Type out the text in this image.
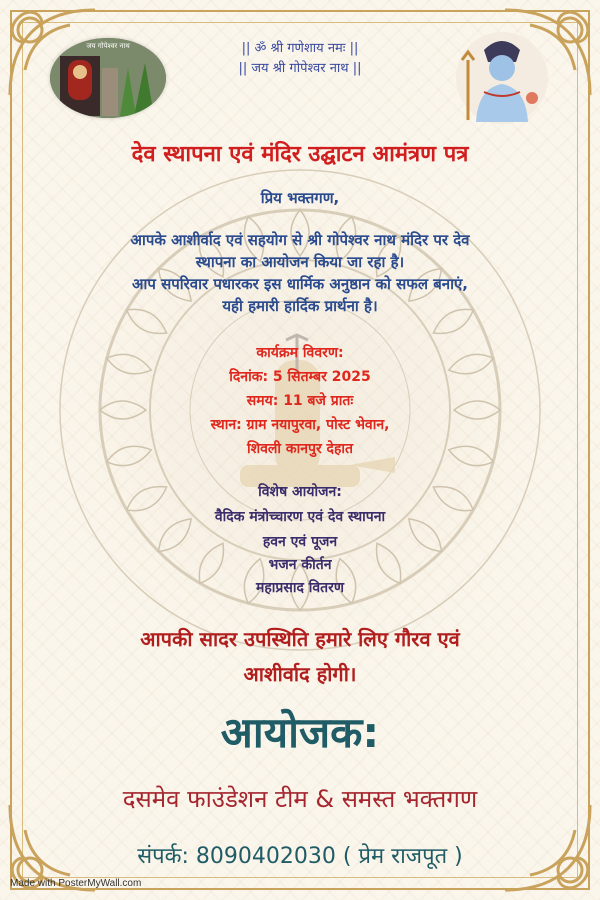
जय गोपेश्वर नाथ	|| ॐ श्री गणेशाय नमः ||
|| जय श्री गोपेश्वर नाथ ||
देव स्थापना एवं मंदिर उद्घाटन आमंत्रण पत्र
प्रिय भक्तगण,
आपके आशीर्वाद एवं सहयोग से श्री गोपेश्वर नाथ मंदिर पर देव
स्थापना का आयोजन किया जा रहा है।
आप सपरिवार पधारकर इस धार्मिक अनुष्ठान को सफल बनाएं,
यही हमारी हार्दिक प्रार्थना है।
कार्यक्रम विवरण:
दिनांक: 5 सितम्बर 2025
समय: 11 बजे प्रातः
स्थान: ग्राम नयापुरवा, पोस्ट भेवान,
शिवली कानपुर देहात
विशेष आयोजन:
वैदिक मंत्रोच्चारण एवं देव स्थापना
हवन एवं पूजन
भजन कीर्तन
महाप्रसाद वितरण
आपकी सादर उपस्थिति हमारे लिए गौरव एवं
आशीर्वाद होगी।
आयोजक:
दसमेव फाउंडेशन टीम & समस्त भक्तगण
संपर्क: 8090402030 ( प्रेम राजपूत )
Made with PosterMyWall.com
